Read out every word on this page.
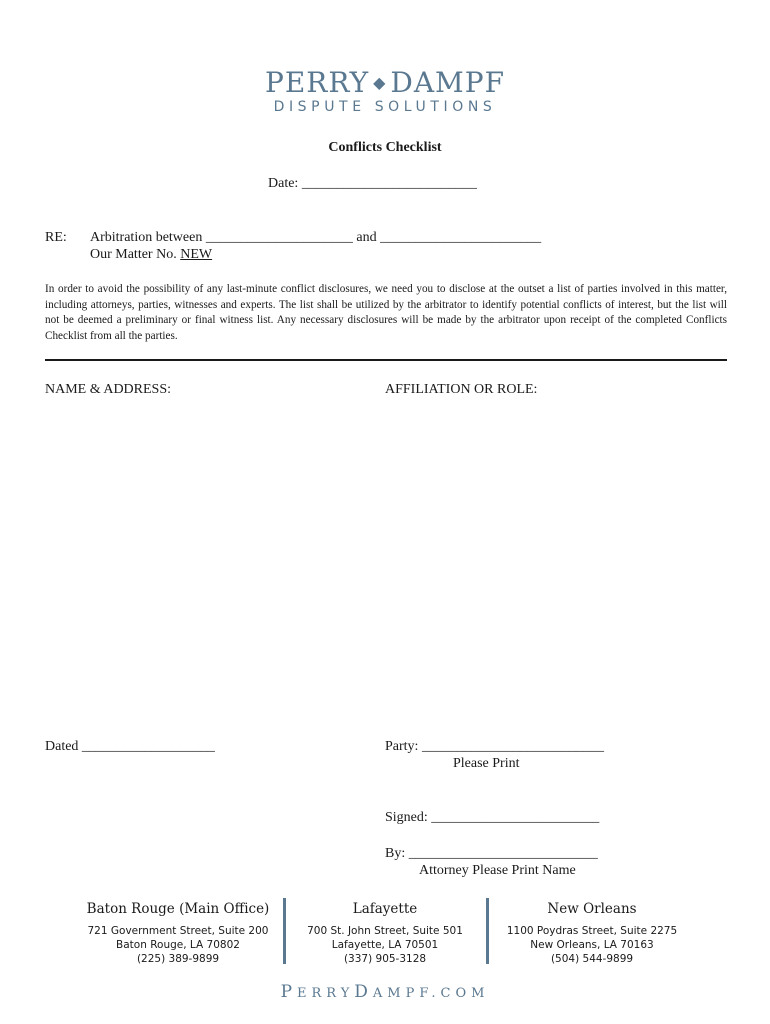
PERRY ◆ DAMPF
DISPUTE SOLUTIONS
Conflicts Checklist
Date: _________________________
RE: Arbitration between _____________________ and _______________________
Our Matter No. NEW
In order to avoid the possibility of any last-minute conflict disclosures, we need you to disclose at the outset a list of parties involved in this matter, including attorneys, parties, witnesses and experts. The list shall be utilized by the arbitrator to identify potential conflicts of interest, but the list will not be deemed a preliminary or final witness list. Any necessary disclosures will be made by the arbitrator upon receipt of the completed Conflicts Checklist from all the parties.
NAME & ADDRESS:	AFFILIATION OR ROLE:
Dated ___________________	Party: __________________________
Please Print
Signed: ________________________
By: ___________________________
Attorney Please Print Name
Baton Rouge (Main Office)
721 Government Street, Suite 200
Baton Rouge, LA 70802
(225) 389-9899
Lafayette
700 St. John Street, Suite 501
Lafayette, LA 70501
(337) 905-3128
New Orleans
1100 Poydras Street, Suite 2275
New Orleans, LA 70163
(504) 544-9899
PERRYDAMPF.COM
